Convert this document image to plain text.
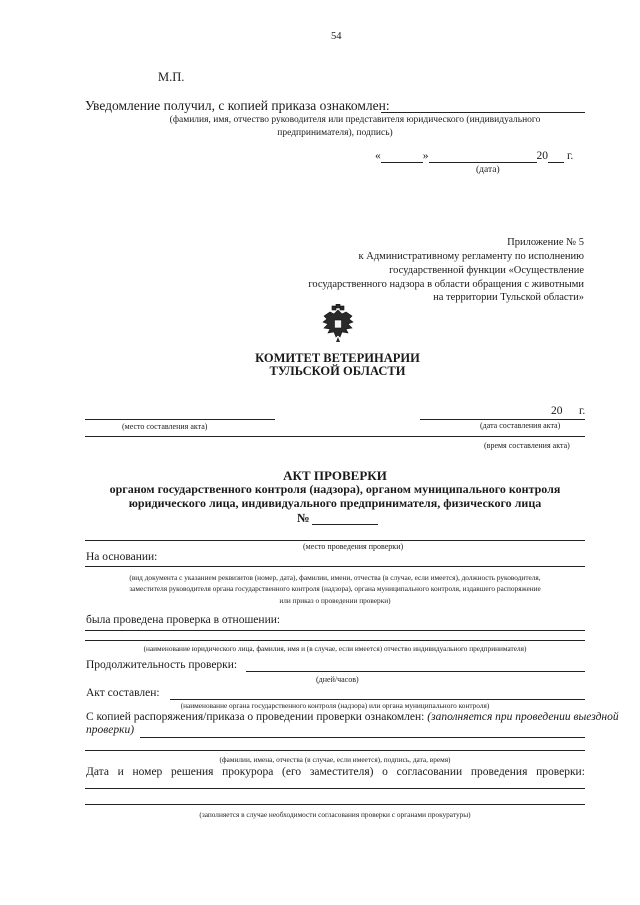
54
М.П.
Уведомление получил, с копией приказа ознакомлен:
(фамилия, имя, отчество руководителя или представителя юридического (индивидуального
предпринимателя), подпись)
«	»	20 г.
(дата)
Приложение № 5
к Административному регламенту по исполнению
государственной функции «Осуществление
государственного надзора в области обращения с животными
на территории Тульской области»
КОМИТЕТ ВЕТЕРИНАРИИ
ТУЛЬСКОЙ ОБЛАСТИ
20 г.
(место составления акта)	(дата составления акта)
(время составления акта)
АКТ ПРОВЕРКИ
органом государственного контроля (надзора), органом муниципального контроля
юридического лица, индивидуального предпринимателя, физического лица
№
(место проведения проверки)
На основании:
(вид документа с указанием реквизитов (номер, дата), фамилии, имени, отчества (в случае, если имеется), должность руководителя,
заместителя руководителя органа государственного контроля (надзора), органа муниципального контроля, издавшего распоряжение
или приказ о проведении проверки)
была проведена проверка в отношении:
(наименование юридического лица, фамилия, имя и (в случае, если имеется) отчество индивидуального предпринимателя)
Продолжительность проверки:
(дней/часов)
Акт составлен:
(наименование органа государственного контроля (надзора) или органа муниципального контроля)
С копией распоряжения/приказа о проведении проверки ознакомлен: (заполняется при проведении выездной
проверки)
(фамилии, имена, отчества (в случае, если имеется), подпись, дата, время)
Дата и номер решения прокурора (его заместителя) о согласовании проведения проверки:
(заполняется в случае необходимости согласования проверки с органами прокуратуры)
